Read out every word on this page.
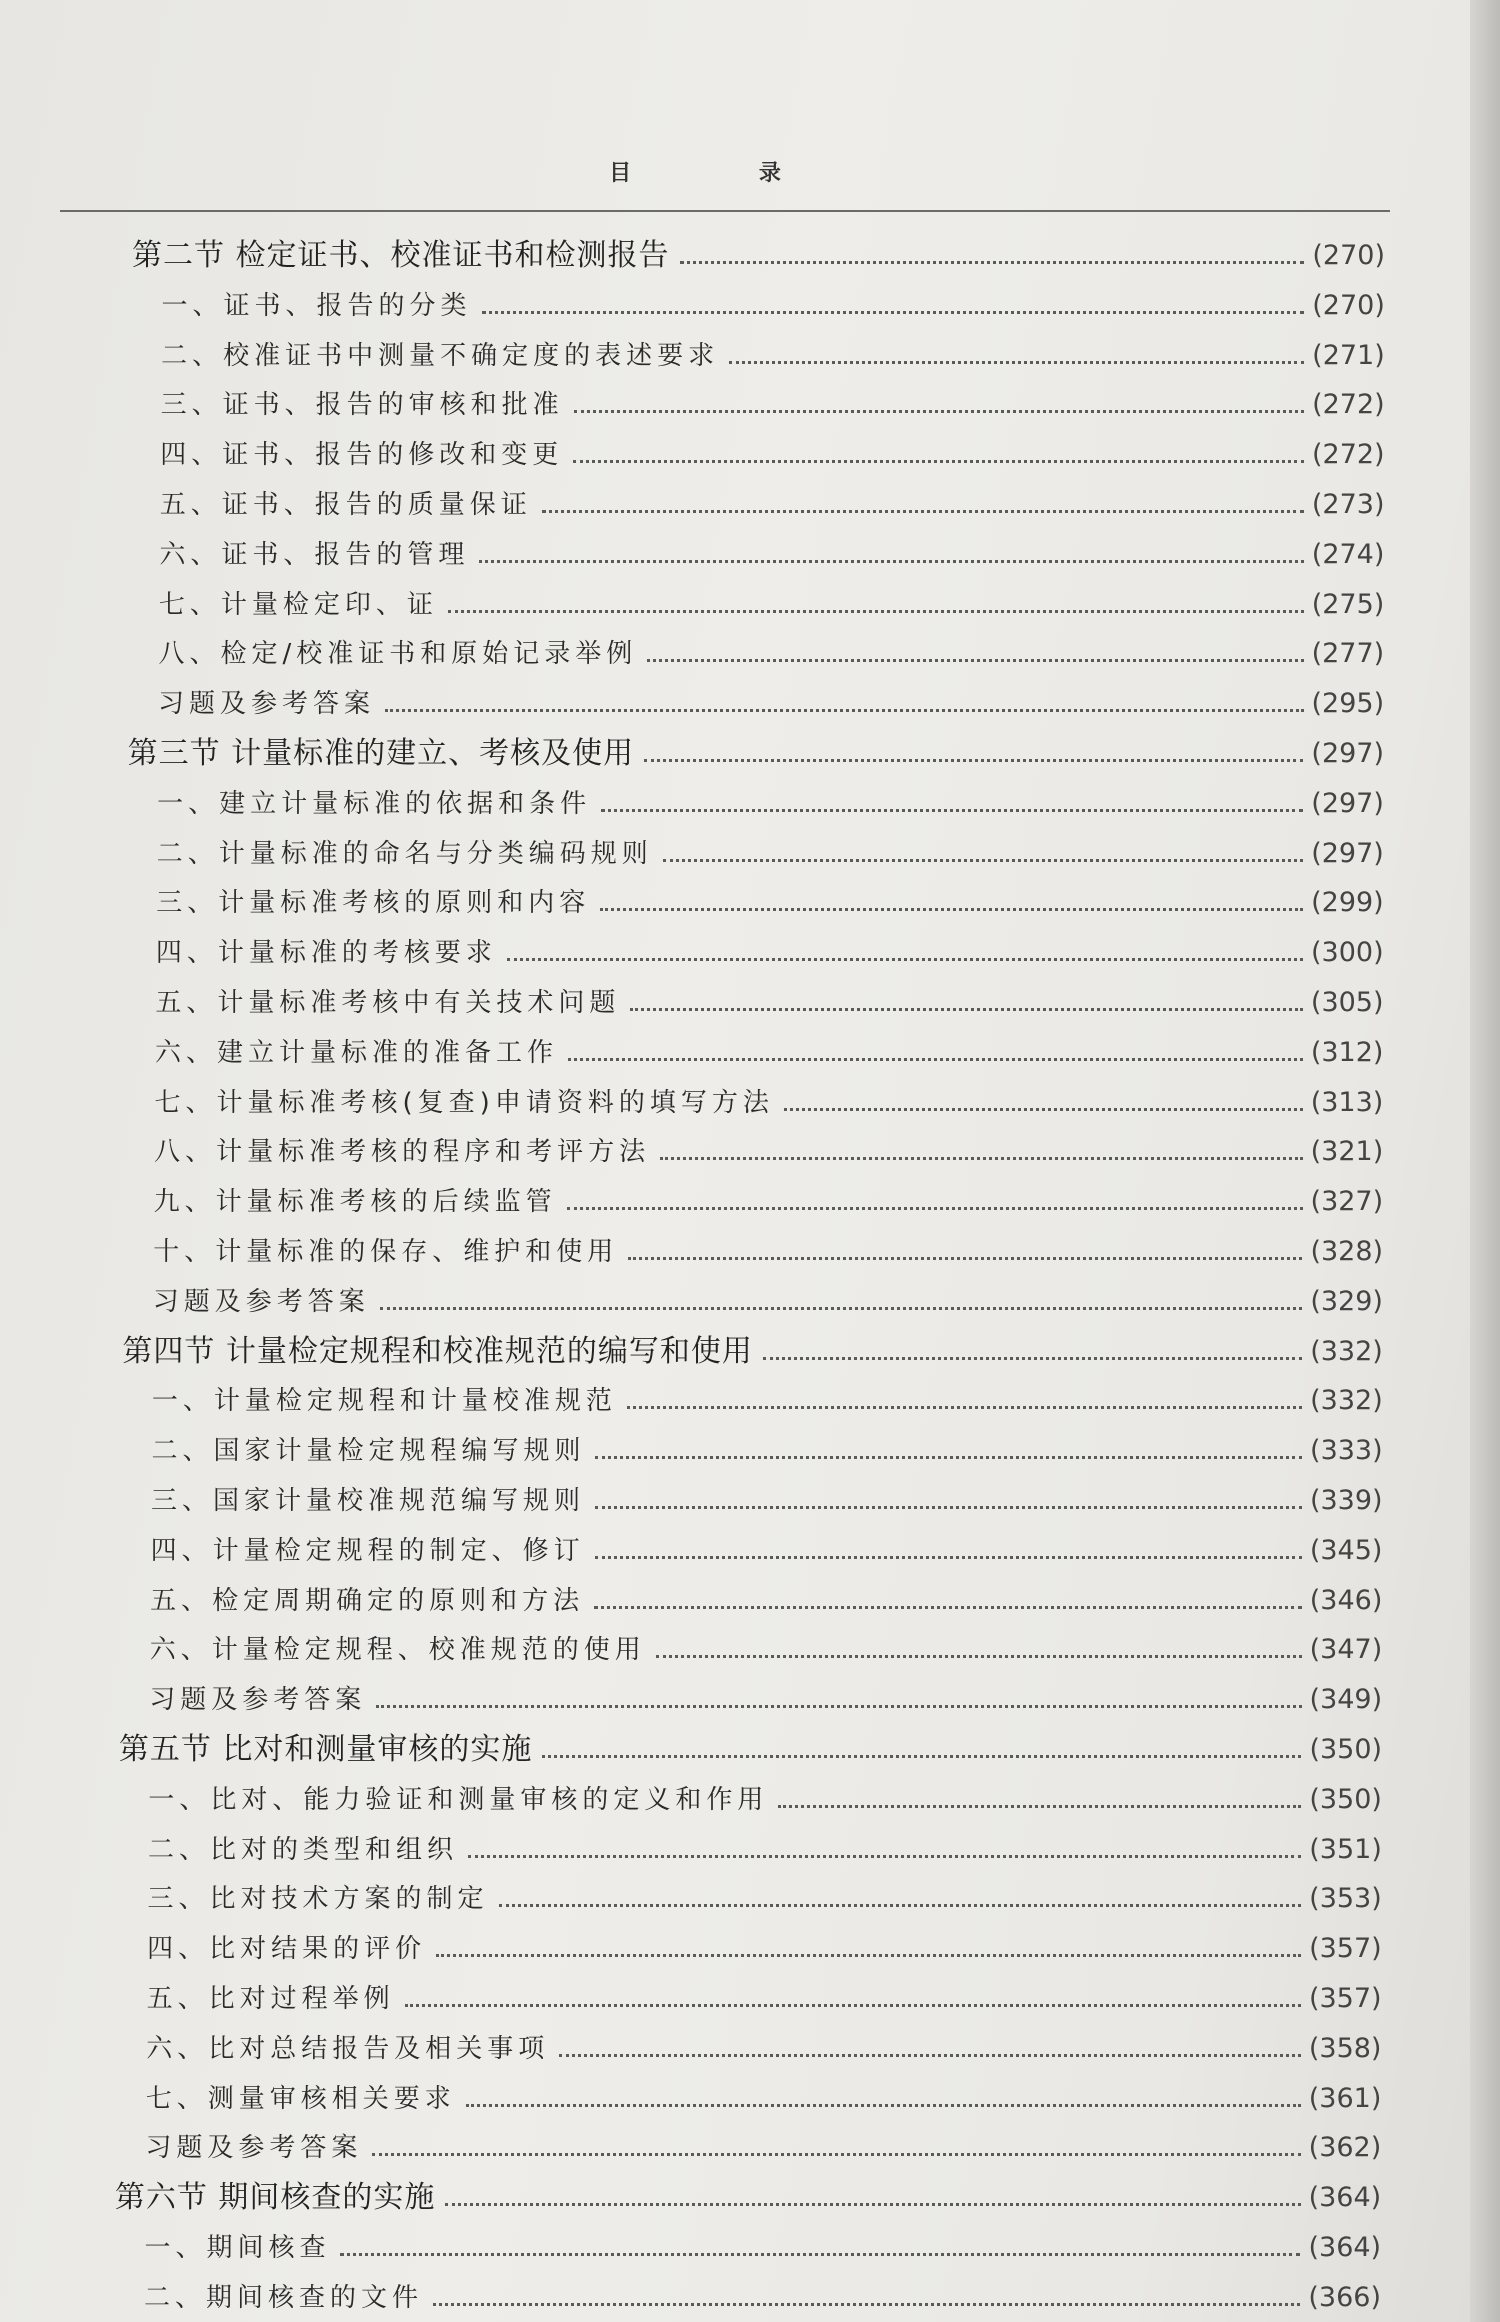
目 录
第二节 检定证书、校准证书和检测报告	(270)
一、证书、报告的分类	(270)
二、校准证书中测量不确定度的表述要求	(271)
三、证书、报告的审核和批准	(272)
四、证书、报告的修改和变更	(272)
五、证书、报告的质量保证	(273)
六、证书、报告的管理	(274)
七、计量检定印、证	(275)
八、检定/校准证书和原始记录举例	(277)
习题及参考答案	(295)
第三节 计量标准的建立、考核及使用	(297)
一、建立计量标准的依据和条件	(297)
二、计量标准的命名与分类编码规则	(297)
三、计量标准考核的原则和内容	(299)
四、计量标准的考核要求	(300)
五、计量标准考核中有关技术问题	(305)
六、建立计量标准的准备工作	(312)
七、计量标准考核(复查)申请资料的填写方法	(313)
八、计量标准考核的程序和考评方法	(321)
九、计量标准考核的后续监管	(327)
十、计量标准的保存、维护和使用	(328)
习题及参考答案	(329)
第四节 计量检定规程和校准规范的编写和使用	(332)
一、计量检定规程和计量校准规范	(332)
二、国家计量检定规程编写规则	(333)
三、国家计量校准规范编写规则	(339)
四、计量检定规程的制定、修订	(345)
五、检定周期确定的原则和方法	(346)
六、计量检定规程、校准规范的使用	(347)
习题及参考答案	(349)
第五节 比对和测量审核的实施	(350)
一、比对、能力验证和测量审核的定义和作用	(350)
二、比对的类型和组织	(351)
三、比对技术方案的制定	(353)
四、比对结果的评价	(357)
五、比对过程举例	(357)
六、比对总结报告及相关事项	(358)
七、测量审核相关要求	(361)
习题及参考答案	(362)
第六节 期间核查的实施	(364)
一、期间核查	(364)
二、期间核查的文件	(366)
